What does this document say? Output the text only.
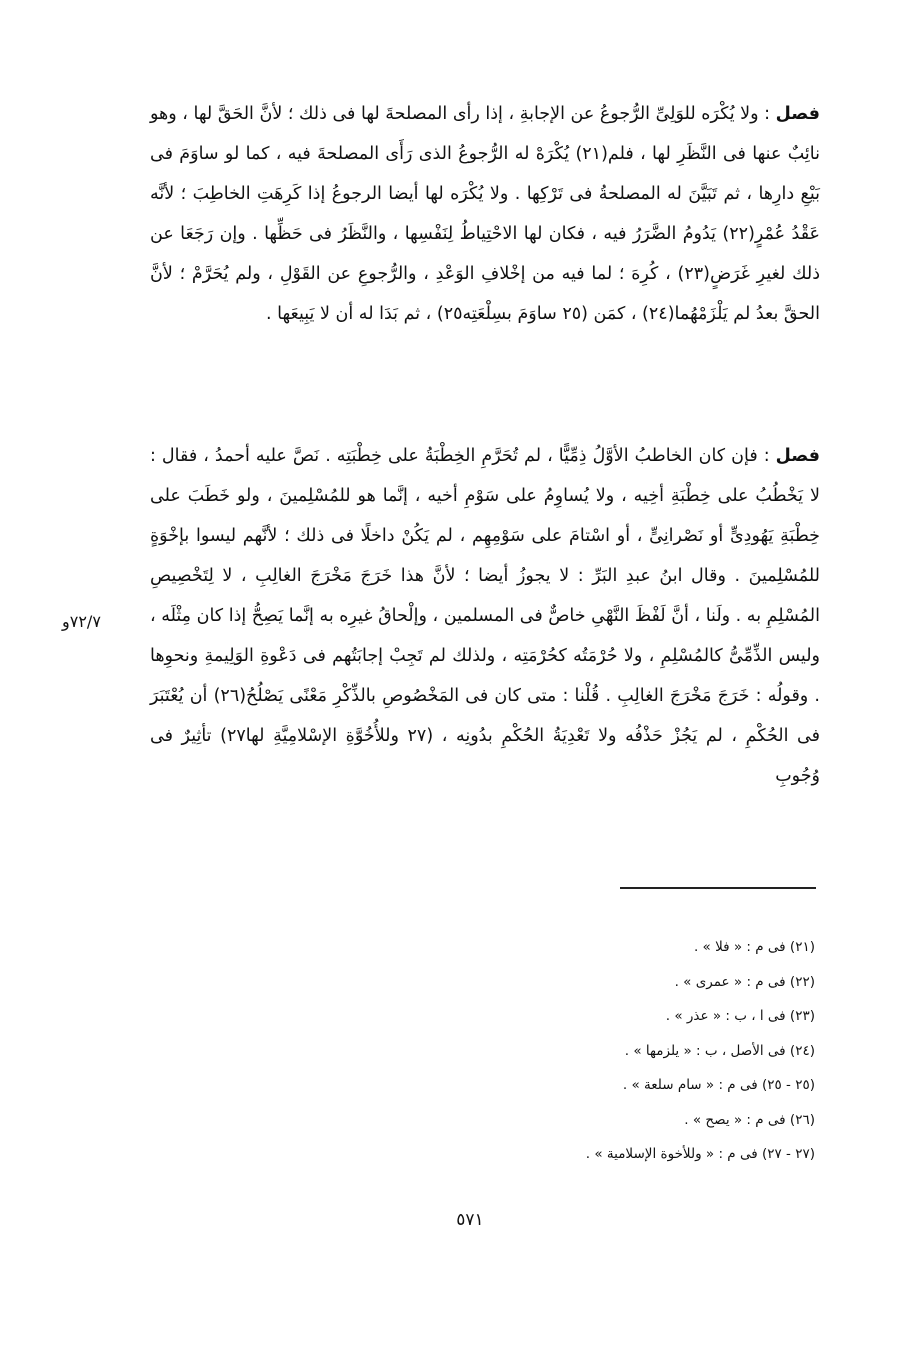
فصل : ولا يُكْرَه للوَلِىِّ الرُّجوعُ عن الإجابةِ ، إذا رأى المصلحةَ لها فى ذلك ؛ لأنَّ الحَقَّ لها ، وهو نائِبٌ عنها فى النَّظَرِ لها ، فلم(٢١) يُكْرَهْ له الرُّجوعُ الذى رَأَى المصلحةَ فيه ، كما لو ساوَمَ فى بَيْعِ دارِها ، ثم تَبَيَّنَ له المصلحةُ فى تَرْكِها . ولا يُكْرَه لها أيضا الرجوعُ إذا كَرِهَتِ الخاطِبَ ؛ لأنَّه عَقْدُ عُمْرٍ(٢٢) يَدُومُ الضَّرَرُ فيه ، فكان لها الاحْتِياطُ لِنَفْسِها ، والنَّظَرُ فى حَظِّها . وإن رَجَعَا عن ذلك لغيرِ غَرَضٍ(٢٣) ، كُرِهَ ؛ لما فيه من إخْلافِ الوَعْدِ ، والرُّجوعِ عن القَوْلِ ، ولم يُحَرَّمْ ؛ لأنَّ الحقَّ بعدُ لم يَلْزَمْهُما(٢٤) ، كمَن (٢٥ ساوَمَ بسِلْعَتِه٢٥) ، ثم بَدَا له أن لا يَبِيعَها .
فصل : فإن كان الخاطبُ الأوَّلُ ذِمِّيًّا ، لم تُحَرَّمِ الخِطْبَةُ على خِطْبَتِه . نَصَّ عليه أحمدُ ، فقال : لا يَخْطُبُ على خِطْبَةِ أخِيه ، ولا يُساوِمُ على سَوْمِ أخيه ، إنَّما هو للمُسْلِمينَ ، ولو خَطَبَ على خِطْبَةِ يَهُودِىٍّ أو نَصْرانِىٍّ ، أو اسْتامَ على سَوْمِهِم ، لم يَكُنْ داخلًا فى ذلك ؛ لأنَّهم ليسوا بإخْوَةٍ للمُسْلِمينَ . وقال ابنُ عبدِ البَرِّ : لا يجوزُ أيضا ؛ لأنَّ هذا خَرَجَ مَخْرَجَ الغالِبِ ، لا لِتَخْصِيصِ المُسْلِمِ به . ولَنا ، أنَّ لَفْظَ النَّهْىِ خاصٌّ فى المسلمين ، وإلْحاقُ غيرِه به إنَّما يَصِحُّ إذا كان مِثْلَه ، وليس الذِّمِّىُّ كالمُسْلِمِ ، ولا حُرْمَتُه كحُرْمَتِه ، ولذلك لم تَجِبْ إجابَتُهم فى دَعْوةِ الوَلِيمةِ ونحوِها . وقولُه : خَرَجَ مَخْرَجَ الغالِبِ . قُلْنا : متى كان فى المَخْصُوصِ بالذِّكْرِ مَعْنًى يَصْلُحُ(٢٦) أن يُعْتَبَرَ فى الحُكْمِ ، لم يَجُزْ حَذْفُه ولا تَعْدِيَةُ الحُكْمِ بدُونِه ، (٢٧ وللأُخُوَّةِ الإسْلامِيَّةِ لها٢٧) تأثِيرٌ فى وُجُوبِ
٧٢/٧و
(٢١) فى م : « فلا » .
(٢٢) فى م : « عمرى » .
(٢٣) فى ا ، ب : « عذر » .
(٢٤) فى الأصل ، ب : « يلزمها » .
(٢٥ - ٢٥) فى م : « سام سلعة » .
(٢٦) فى م : « يصح » .
(٢٧ - ٢٧) فى م : « وللأخوة الإسلامية » .
٥٧١
